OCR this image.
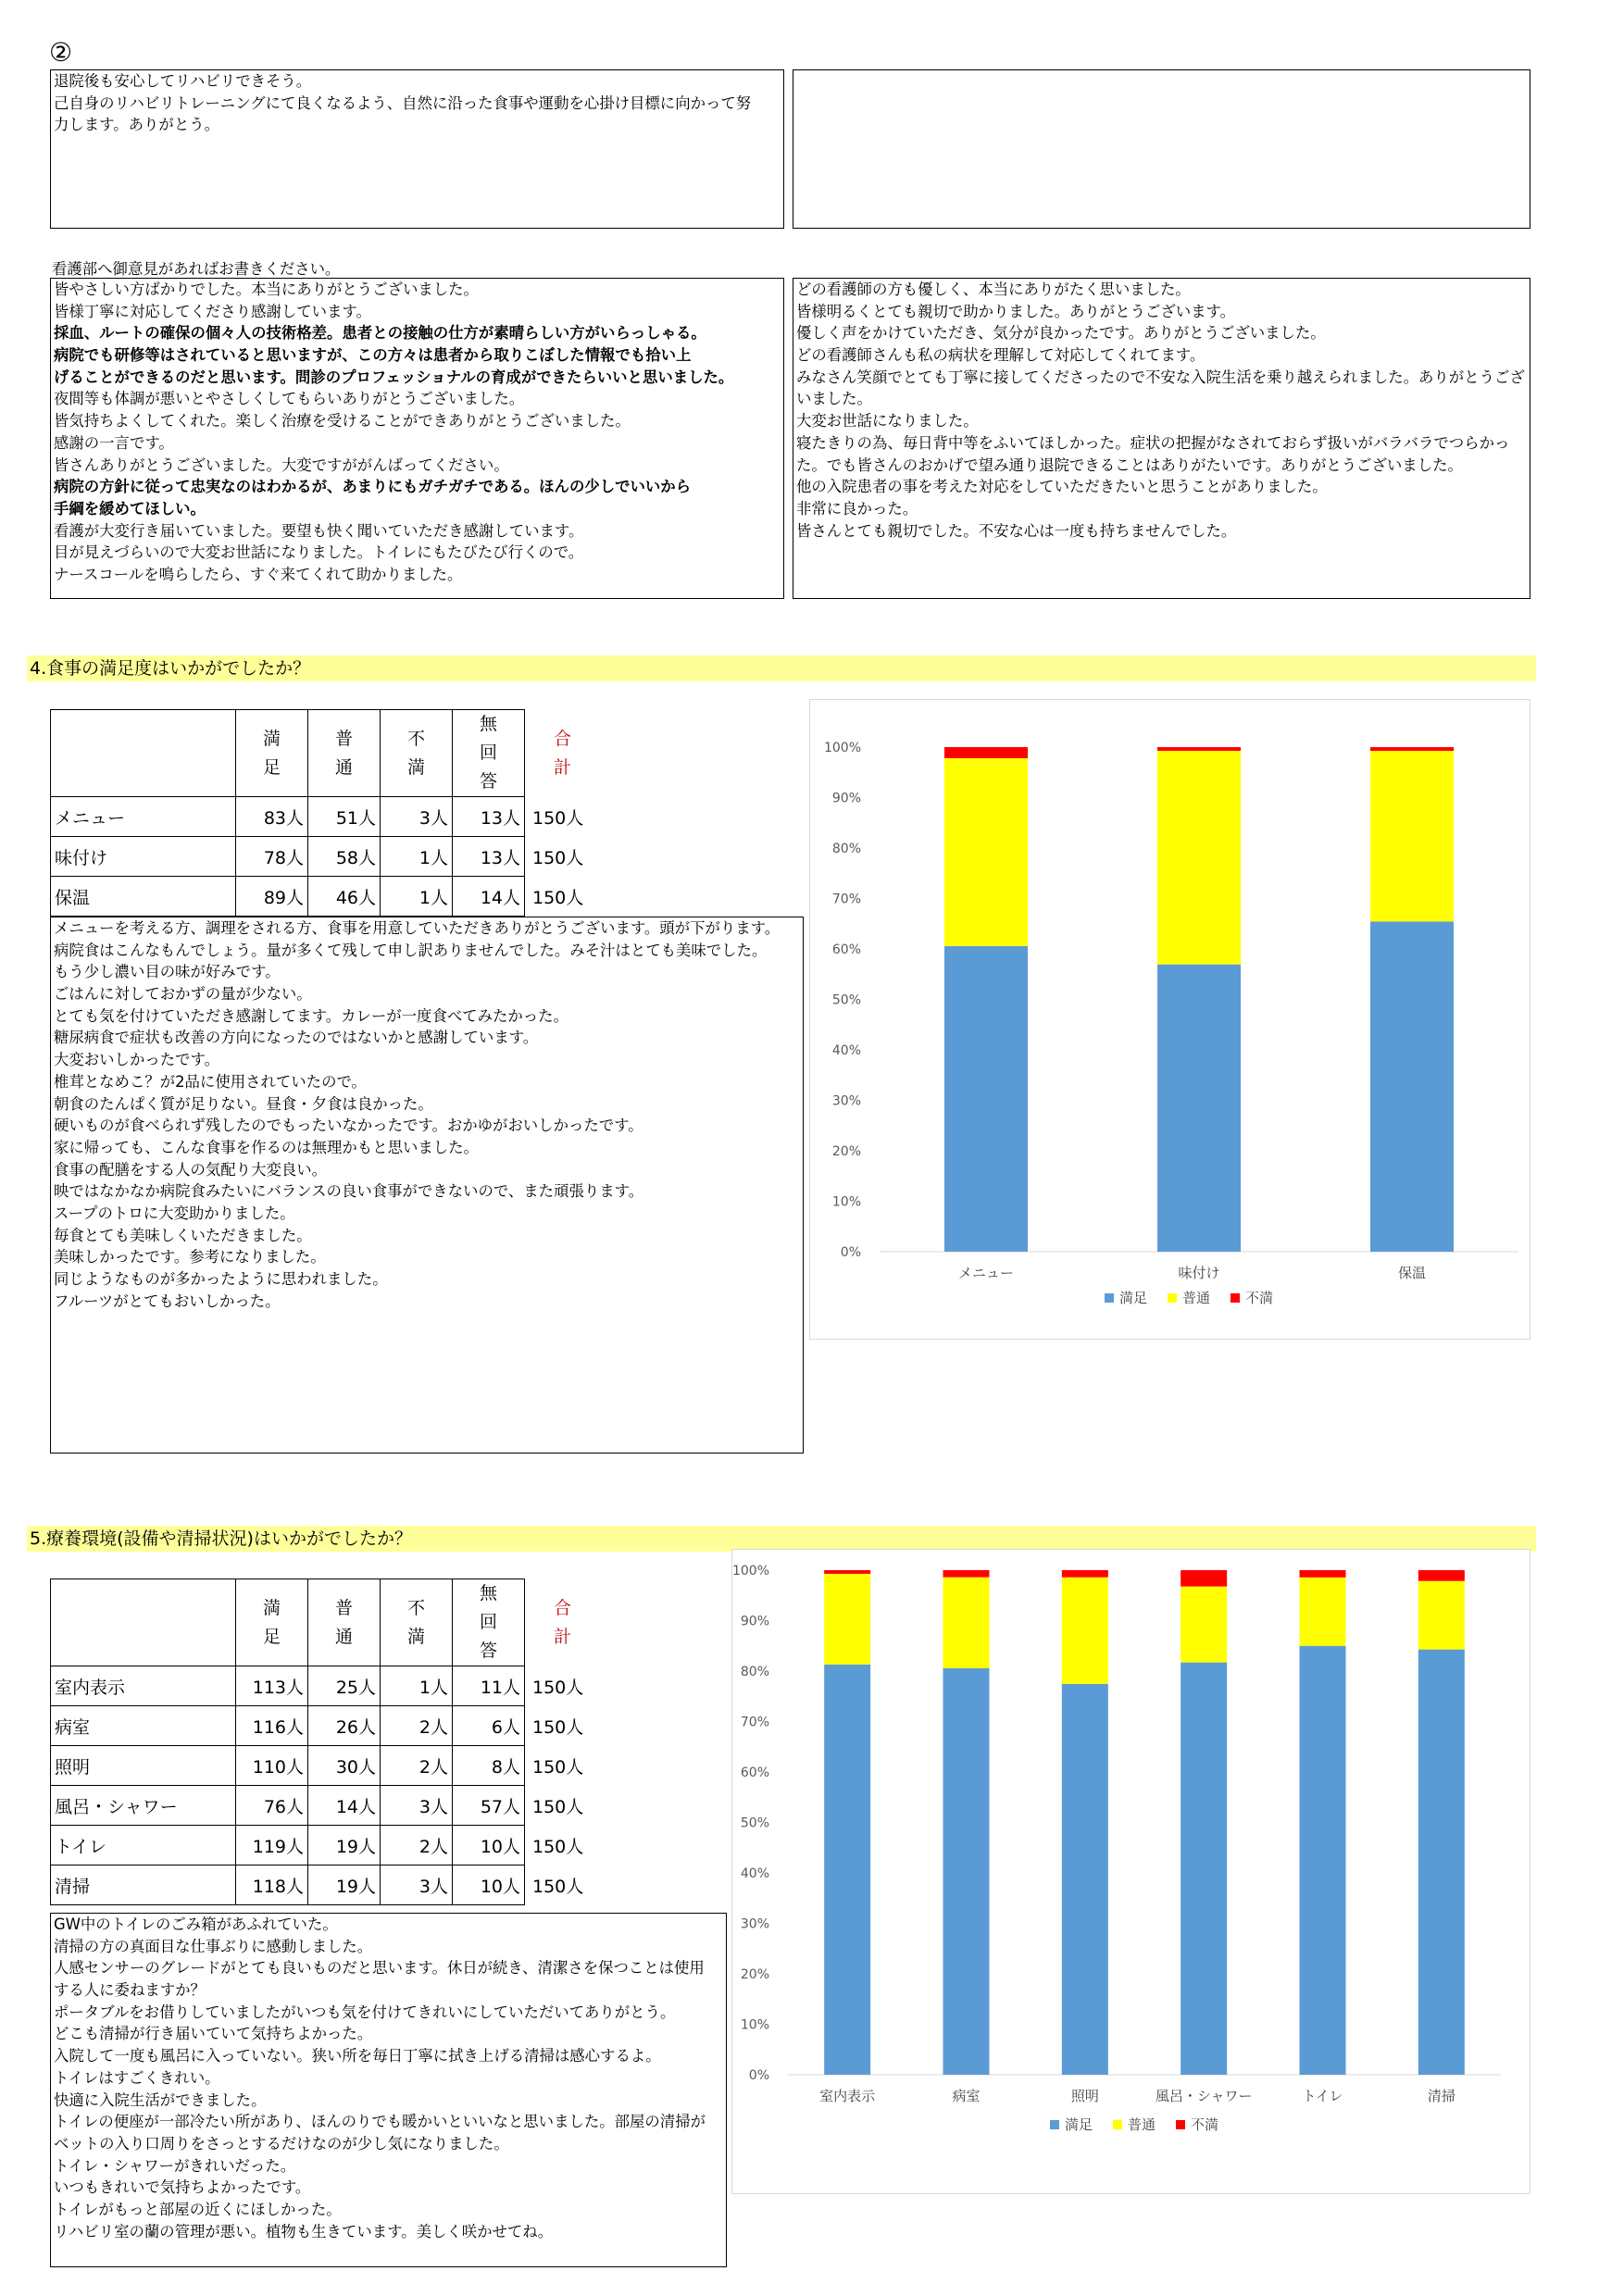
②
退院後も安心してリハビリできそう。
己自身のリハビリトレーニングにて良くなるよう、自然に沿った食事や運動を心掛け目標に向かって努
力します。ありがとう。
看護部へ御意見があればお書きください。
皆やさしい方ばかりでした。本当にありがとうございました。
皆様丁寧に対応してくださり感謝しています。
採血、ルートの確保の個々人の技術格差。患者との接触の仕方が素晴らしい方がいらっしゃる。
病院でも研修等はされていると思いますが、この方々は患者から取りこぼした情報でも拾い上
げることができるのだと思います。問診のプロフェッショナルの育成ができたらいいと思いました。
夜間等も体調が悪いとやさしくしてもらいありがとうございました。
皆気持ちよくしてくれた。楽しく治療を受けることができありがとうございました。
感謝の一言です。
皆さんありがとうございました。大変ですががんばってください。
病院の方針に従って忠実なのはわかるが、あまりにもガチガチである。ほんの少しでいいから
手綱を緩めてほしい。
看護が大変行き届いていました。要望も快く聞いていただき感謝しています。
目が見えづらいので大変お世話になりました。トイレにもたびたび行くので。
ナースコールを鳴らしたら、すぐ来てくれて助かりました。
どの看護師の方も優しく、本当にありがたく思いました。
皆様明るくとても親切で助かりました。ありがとうございます。
優しく声をかけていただき、気分が良かったです。ありがとうございました。
どの看護師さんも私の病状を理解して対応してくれてます。
みなさん笑顔でとても丁寧に接してくださったので不安な入院生活を乗り越えられました。ありがとうござ
いました。
大変お世話になりました。
寝たきりの為、毎日背中等をふいてほしかった。症状の把握がなされておらず扱いがバラバラでつらかっ
た。でも皆さんのおかげで望み通り退院できることはありがたいです。ありがとうございました。
他の入院患者の事を考えた対応をしていただきたいと思うことがありました。
非常に良かった。
皆さんとても親切でした。不安な心は一度も持ちませんでした。
4.食事の満足度はいかがでしたか？
	満足	普通	不満	無回答	合計
メニュー	83人	51人	3人	13人	150人
味付け	78人	58人	1人	13人	150人
保温	89人	46人	1人	14人	150人
メニューを考える方、調理をされる方、食事を用意していただきありがとうございます。頭が下がります。
病院食はこんなもんでしょう。量が多くて残して申し訳ありませんでした。みそ汁はとても美味でした。
もう少し濃い目の味が好みです。
ごはんに対しておかずの量が少ない。
とても気を付けていただき感謝してます。カレーが一度食べてみたかった。
糖尿病食で症状も改善の方向になったのではないかと感謝しています。
大変おいしかったです。
椎茸となめこ？が2品に使用されていたので。
朝食のたんぱく質が足りない。昼食・夕食は良かった。
硬いものが食べられず残したのでもったいなかったです。おかゆがおいしかったです。
家に帰っても、こんな食事を作るのは無理かもと思いました。
食事の配膳をする人の気配り大変良い。
映ではなかなか病院食みたいにバランスの良い食事ができないので、また頑張ります。
スープのトロに大変助かりました。
毎食とても美味しくいただきました。
美味しかったです。参考になりました。
同じようなものが多かったように思われました。
フルーツがとてもおいしかった。
0%
10%
20%
30%
40%
50%
60%
70%
80%
90%
100%
メニュー	味付け	保温
満足	普通	不満
5.療養環境(設備や清掃状況)はいかがでしたか？
	満足	普通	不満	無回答	合計
室内表示	113人	25人	1人	11人	150人
病室	116人	26人	2人	6人	150人
照明	110人	30人	2人	8人	150人
風呂・シャワー	76人	14人	3人	57人	150人
トイレ	119人	19人	2人	10人	150人
清掃	118人	19人	3人	10人	150人
GW中のトイレのごみ箱があふれていた。
清掃の方の真面目な仕事ぶりに感動しました。
人感センサーのグレードがとても良いものだと思います。休日が続き、清潔さを保つことは使用
する人に委ねますか？
ポータブルをお借りしていましたがいつも気を付けてきれいにしていただいてありがとう。
どこも清掃が行き届いていて気持ちよかった。
入院して一度も風呂に入っていない。狭い所を毎日丁寧に拭き上げる清掃は感心するよ。
トイレはすごくきれい。
快適に入院生活ができました。
トイレの便座が一部冷たい所があり、ほんのりでも暖かいといいなと思いました。部屋の清掃が
ベットの入り口周りをさっとするだけなのが少し気になりました。
トイレ・シャワーがきれいだった。
いつもきれいで気持ちよかったです。
トイレがもっと部屋の近くにほしかった。
リハビリ室の蘭の管理が悪い。植物も生きています。美しく咲かせてね。
0%
10%
20%
30%
40%
50%
60%
70%
80%
90%
100%
室内表示	病室	照明	風呂・シャワー	トイレ	清掃
満足	普通	不満
